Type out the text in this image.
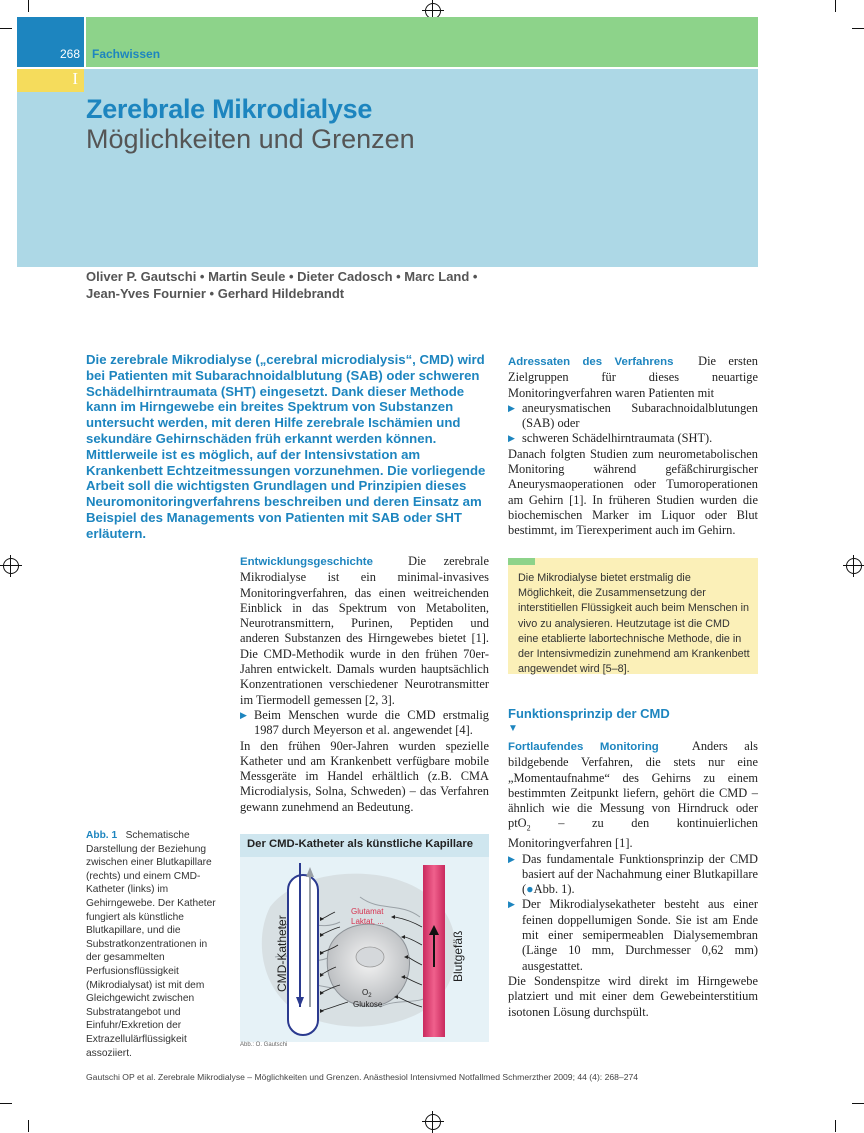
268 Fachwissen
I
Zerebrale Mikrodialyse
Möglichkeiten und Grenzen
Oliver P. Gautschi • Martin Seule • Dieter Cadosch • Marc Land •
Jean-Yves Fournier • Gerhard Hildebrandt
Die zerebrale Mikrodialyse („cerebral microdialysis“, CMD) wird bei Patienten mit Subarachnoidalblutung (SAB) oder schweren Schädelhirntraumata (SHT) eingesetzt. Dank dieser Methode kann im Hirngewebe ein breites Spektrum von Substanzen untersucht werden, mit deren Hilfe zerebrale Ischämien und sekundäre Gehirnschäden früh erkannt werden können. Mittlerweile ist es möglich, auf der Intensivstation am Krankenbett Echtzeitmessungen vorzunehmen. Die vorliegende Arbeit soll die wichtigsten Grundlagen und Prinzipien dieses Neuromonitoringverfahrens beschreiben und deren Einsatz am Beispiel des Managements von Patienten mit SAB oder SHT erläutern.

Entwicklungsgeschichte	Die zerebrale Mikrodialyse ist ein minimal-invasives Monitoringverfahren, das einen weitreichenden Einblick in das Spektrum von Metaboliten, Neurotransmittern, Purinen, Peptiden und anderen Substanzen des Hirngewebes bietet [1]. Die CMD-Methodik wurde in den frühen 70er-Jahren entwickelt. Damals wurden hauptsächlich Konzentrationen verschiedener Neurotransmitter im Tiermodell gemessen [2, 3].

▶ Beim Menschen wurde die CMD erstmalig 1987 durch Meyerson et al. angewendet [4].

In den frühen 90er-Jahren wurden spezielle Katheter und am Krankenbett verfügbare mobile Messgeräte im Handel erhältlich (z.B. CMA Microdialysis, Solna, Schweden) – das Verfahren gewann zunehmend an Bedeutung.

Adressaten des Verfahrens Die ersten Zielgruppen für dieses neuartige Monitoringverfahren waren Patienten mit

▶ aneurysmatischen Subarachnoidalblutungen (SAB) oder
▶ schweren Schädelhirntraumata (SHT).

Danach folgten Studien zum neurometabolischen Monitoring während gefäßchirurgischer Aneurysmaoperationen oder Tumoroperationen am Gehirn [1]. In früheren Studien wurden die biochemischen Marker im Liquor oder Blut bestimmt, im Tierexperiment auch im Gehirn.

Die Mikrodialyse bietet erstmalig die Möglichkeit, die Zusammensetzung der interstitiellen Flüssigkeit auch beim Menschen in vivo zu analysieren. Heutzutage ist die CMD eine etablierte labortechnische Methode, die in der Intensivmedizin zunehmend am Krankenbett angewendet wird [5–8].
Funktionsprinzip der CMD
▼

Fortlaufendes Monitoring	Anders als bildgebende Verfahren, die stets nur eine „Momentaufnahme“ des Gehirns zu einem bestimmten Zeitpunkt liefern, gehört die CMD – ähnlich wie die Messung von Hirndruck oder ptO$_2$ – zu den kontinuierlichen Monitoringverfahren [1].

▶ Das fundamentale Funktionsprinzip der CMD basiert auf der Nachahmung einer Blutkapillare (●Abb. 1).
▶ Der Mikrodialysekatheter besteht aus einer feinen doppellumigen Sonde. Sie ist am Ende mit einer semipermeablen Dialysemembran (Länge 10 mm, Durchmesser 0,62 mm) ausgestattet.

Die Sondenspitze wird direkt im Hirngewebe platziert und mit einer dem Gewebeinterstitium isotonen Lösung durchspült.

Abb. 1 Schematische Darstellung der Beziehung zwischen einer Blutkapillare (rechts) und einem CMD-Katheter (links) im Gehirngewebe. Der Katheter fungiert als künstliche Blutkapillare, und die Substratkonzentrationen in der gesammelten Perfusionsflüssigkeit (Mikrodialysat) ist mit dem Gleichgewicht zwischen Substratangebot und Einfuhr/Exkretion der Extrazellulärflüssigkeit assoziiert.
Der CMD-Katheter als künstliche Kapillare
CMD-Katheter	Blutgefäß
Glutamat
Laktat, ...
$O_2$
Glukose
Abb.: O. Gautschi
Gautschi OP et al. Zerebrale Mikrodialyse – Möglichkeiten und Grenzen. Anästhesiol Intensivmed Notfallmed Schmerzther 2009; 44 (4): 268–274
